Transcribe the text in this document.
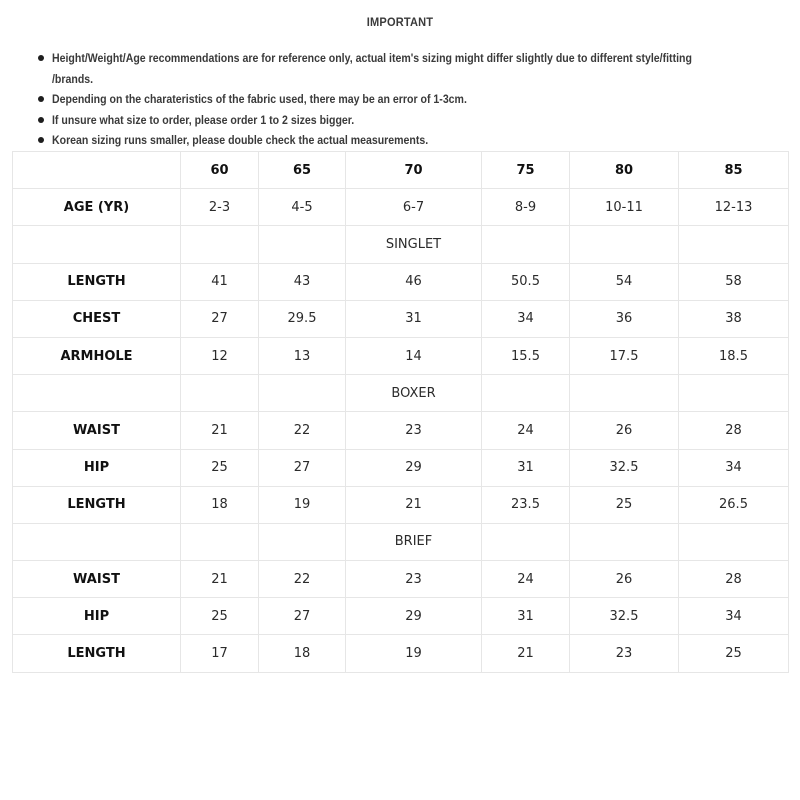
IMPORTANT
Height/Weight/Age recommendations are for reference only, actual item's sizing might differ slightly due to different style/fitting
/brands.
Depending on the charateristics of the fabric used, there may be an error of 1-3cm.
If unsure what size to order, please order 1 to 2 sizes bigger.
Korean sizing runs smaller, please double check the actual measurements.
	60	65	70	75	80	85
AGE (YR)	2-3	4-5	6-7	8-9	10-11	12-13
			SINGLET			
LENGTH	41	43	46	50.5	54	58
CHEST	27	29.5	31	34	36	38
ARMHOLE	12	13	14	15.5	17.5	18.5
			BOXER			
WAIST	21	22	23	24	26	28
HIP	25	27	29	31	32.5	34
LENGTH	18	19	21	23.5	25	26.5
			BRIEF			
WAIST	21	22	23	24	26	28
HIP	25	27	29	31	32.5	34
LENGTH	17	18	19	21	23	25
